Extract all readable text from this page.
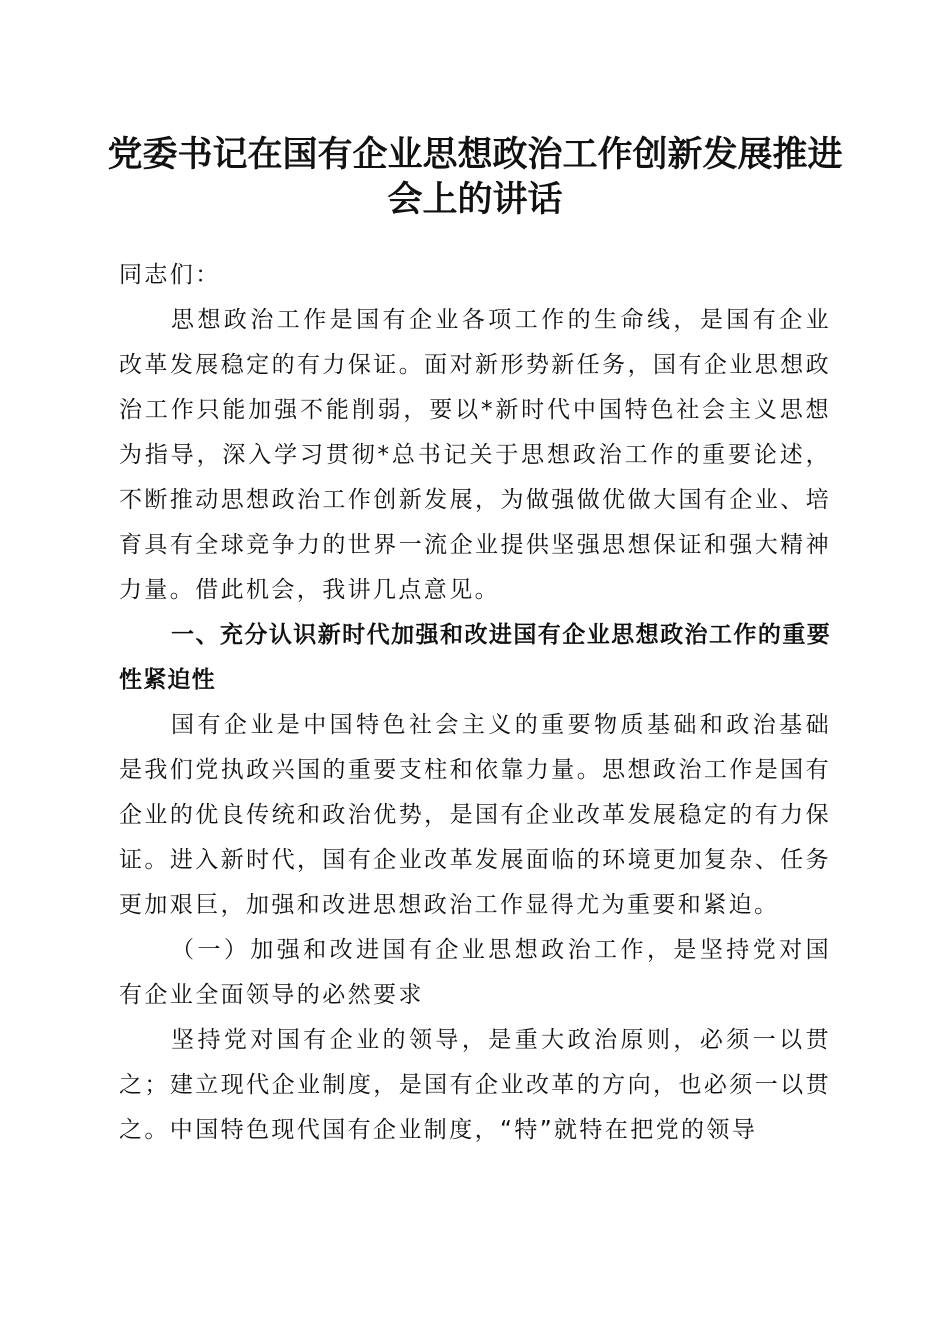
党委书记在国有企业思想政治工作创新发展推进会上的讲话

同志们：

思想政治工作是国有企业各项工作的生命线，是国有企业改革发展稳定的有力保证。面对新形势新任务，国有企业思想政治工作只能加强不能削弱，要以*新时代中国特色社会主义思想为指导，深入学习贯彻*总书记关于思想政治工作的重要论述，不断推动思想政治工作创新发展，为做强做优做大国有企业、培育具有全球竞争力的世界一流企业提供坚强思想保证和强大精神力量。借此机会，我讲几点意见。

一、充分认识新时代加强和改进国有企业思想政治工作的重要性紧迫性

国有企业是中国特色社会主义的重要物质基础和政治基础是我们党执政兴国的重要支柱和依靠力量。思想政治工作是国有企业的优良传统和政治优势，是国有企业改革发展稳定的有力保证。进入新时代，国有企业改革发展面临的环境更加复杂、任务更加艰巨，加强和改进思想政治工作显得尤为重要和紧迫。

（一）加强和改进国有企业思想政治工作，是坚持党对国有企业全面领导的必然要求

坚持党对国有企业的领导，是重大政治原则，必须一以贯之；建立现代企业制度，是国有企业改革的方向，也必须一以贯之。中国特色现代国有企业制度，“特”就特在把党的领导
